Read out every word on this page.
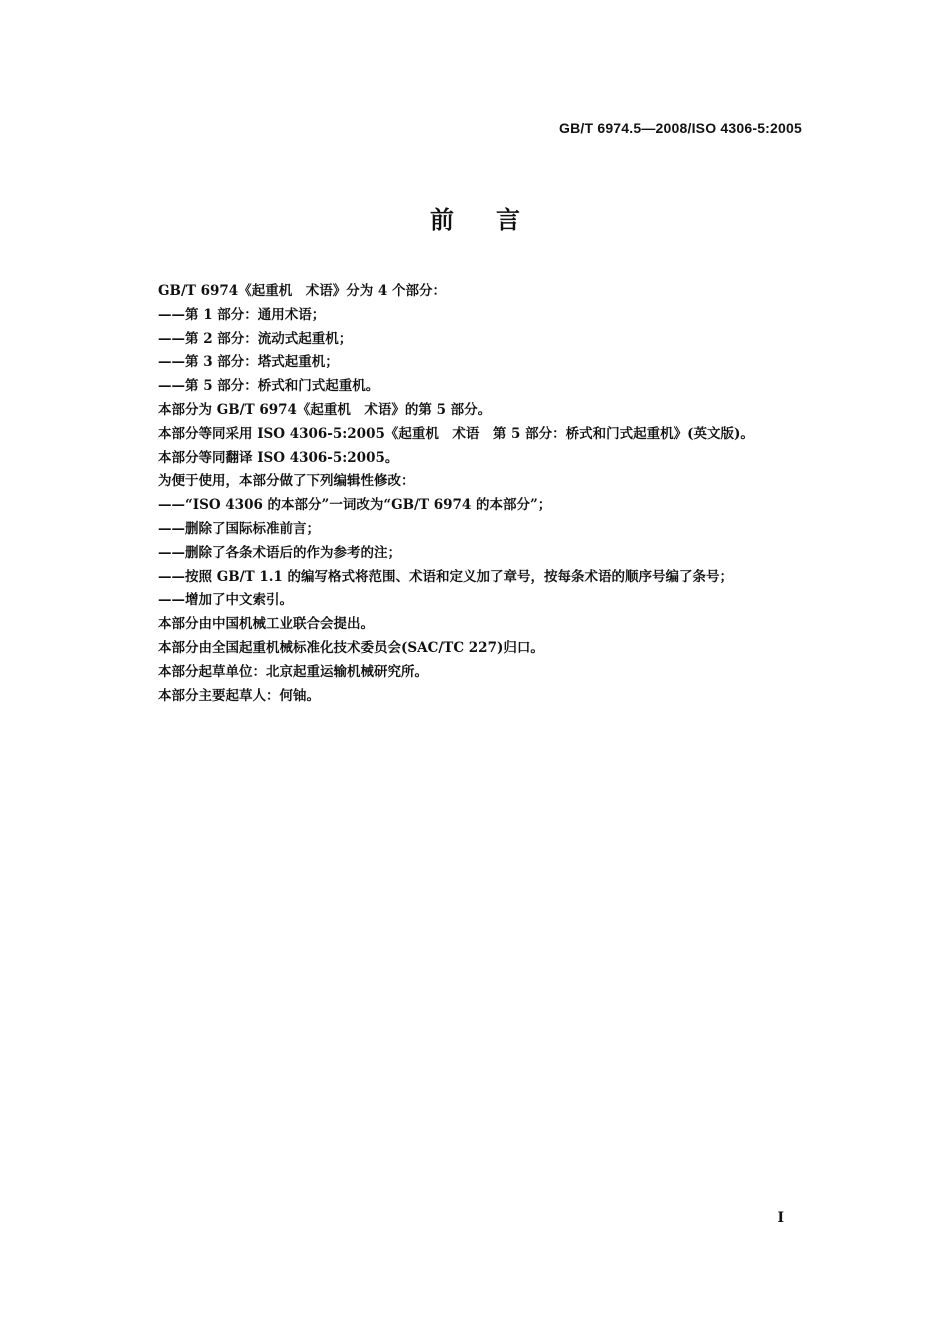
GB/T 6974.5—2008/ISO 4306-5:2005
前言
GB/T 6974《起重机　术语》分为 4 个部分：
——第 1 部分：通用术语；
——第 2 部分：流动式起重机；
——第 3 部分：塔式起重机；
——第 5 部分：桥式和门式起重机。
本部分为 GB/T 6974《起重机　术语》的第 5 部分。
本部分等同采用 ISO 4306-5:2005《起重机　术语　第 5 部分：桥式和门式起重机》(英文版)。
本部分等同翻译 ISO 4306-5:2005。
为便于使用，本部分做了下列编辑性修改：
——“ISO 4306 的本部分”一词改为“GB/T 6974 的本部分”；
——删除了国际标准前言；
——删除了各条术语后的作为参考的注；
——按照 GB/T 1.1 的编写格式将范围、术语和定义加了章号，按每条术语的顺序号编了条号；
——增加了中文索引。
本部分由中国机械工业联合会提出。
本部分由全国起重机械标准化技术委员会(SAC/TC 227)归口。
本部分起草单位：北京起重运输机械研究所。
本部分主要起草人：何铀。
I
